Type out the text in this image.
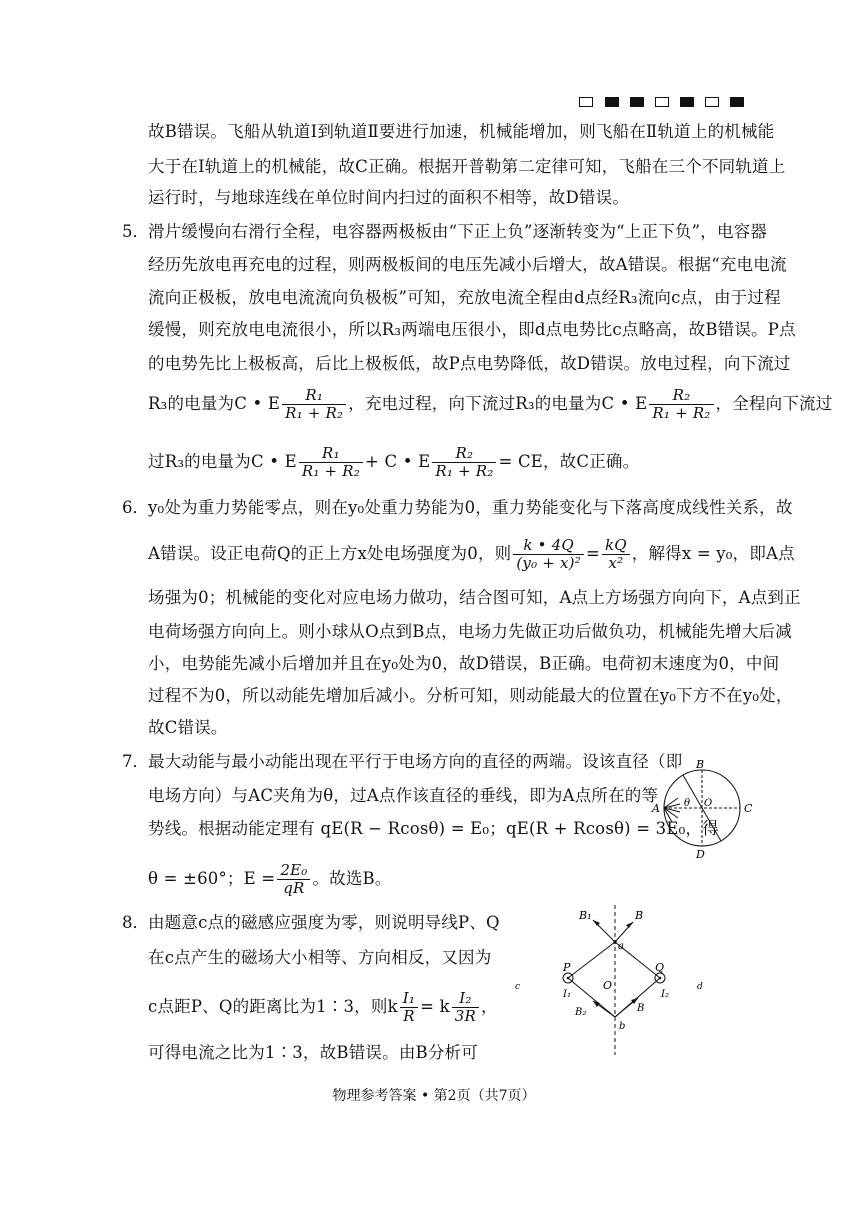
故B错误。飞船从轨道Ⅰ到轨道Ⅱ要进行加速，机械能增加，则飞船在Ⅱ轨道上的机械能
大于在Ⅰ轨道上的机械能，故C正确。根据开普勒第二定律可知，飞船在三个不同轨道上
运行时，与地球连线在单位时间内扫过的面积不相等，故D错误。
5． 滑片缓慢向右滑行全程，电容器两极板由“下正上负”逐渐转变为“上正下负”，电容器
经历先放电再充电的过程，则两极板间的电压先减小后增大，故A错误。根据“充电电流
流向正极板，放电电流流向负极板”可知，充放电流全程由d点经R₃流向c点，由于过程
缓慢，则充放电电流很小，所以R₃两端电压很小，即d点电势比c点略高，故B错误。P点
的电势先比上极板高，后比上极板低，故P点电势降低，故D错误。放电过程，向下流过
R₃的电量为C • E $\frac{\text{R₁}}{\text{R₁ + R₂}}$ ，充电过程，向下流过R₃的电量为C • E $\frac{\text{R₂}}{\text{R₁ + R₂}}$ ，全程向下流过
过R₃的电量为C • E $\frac{\text{R₁}}{\text{R₁ + R₂}} + C$ • E $\frac{\text{R₂}}{\text{R₁ + R₂}}$ = CE，故C正确。
6． y₀处为重力势能零点，则在y₀处重力势能为0，重力势能变化与下落高度成线性关系，故
A错误。设正电荷Q的正上方x处电场强度为0，则 $\frac{k • 4Q}{\text{(y₀ + x)²}} = \frac{kQ}{\text{x²}}$ ，解得x = y₀，即A点
场强为0；机械能的变化对应电场力做功，结合图可知，A点上方场强方向向下，A点到正
电荷场强方向向上。则小球从O点到B点，电场力先做正功后做负功，机械能先增大后减
小，电势能先减小后增加并且在y₀处为0，故D错误，B正确。电荷初末速度为0，中间
过程不为0，所以动能先增加后减小。分析可知，则动能最大的位置在y₀下方不在y₀处，
故C错误。
7． 最大动能与最小动能出现在平行于电场方向的直径的两端。设该直径（即
电场方向）与AC夹角为θ，过A点作该直径的垂线，即为A点所在的等
势线。根据动能定理有 qE(R − Rcosθ) = E₀；qE(R + Rcosθ) = 3E₀，得
θ = ±60°；$E = \frac{\text{2E₀}}{qR}$ 。故选B。
A
B
C
D
O
θ
8． 由题意c点的磁感应强度为零，则说明导线P、Q
在c点产生的磁场大小相等、方向相反，又因为
c点距P、Q的距离比为1∶3，则k $\frac{\text{I₁}}{R} = k \frac{\text{I₂}}{3R}$ ，
可得电流之比为1∶3，故B错误。由B分析可
B₁	B
a
P	Q
O
I₁	I₂
B₂	B
b
c	d
物理参考答案 • 第2页（共7页）
